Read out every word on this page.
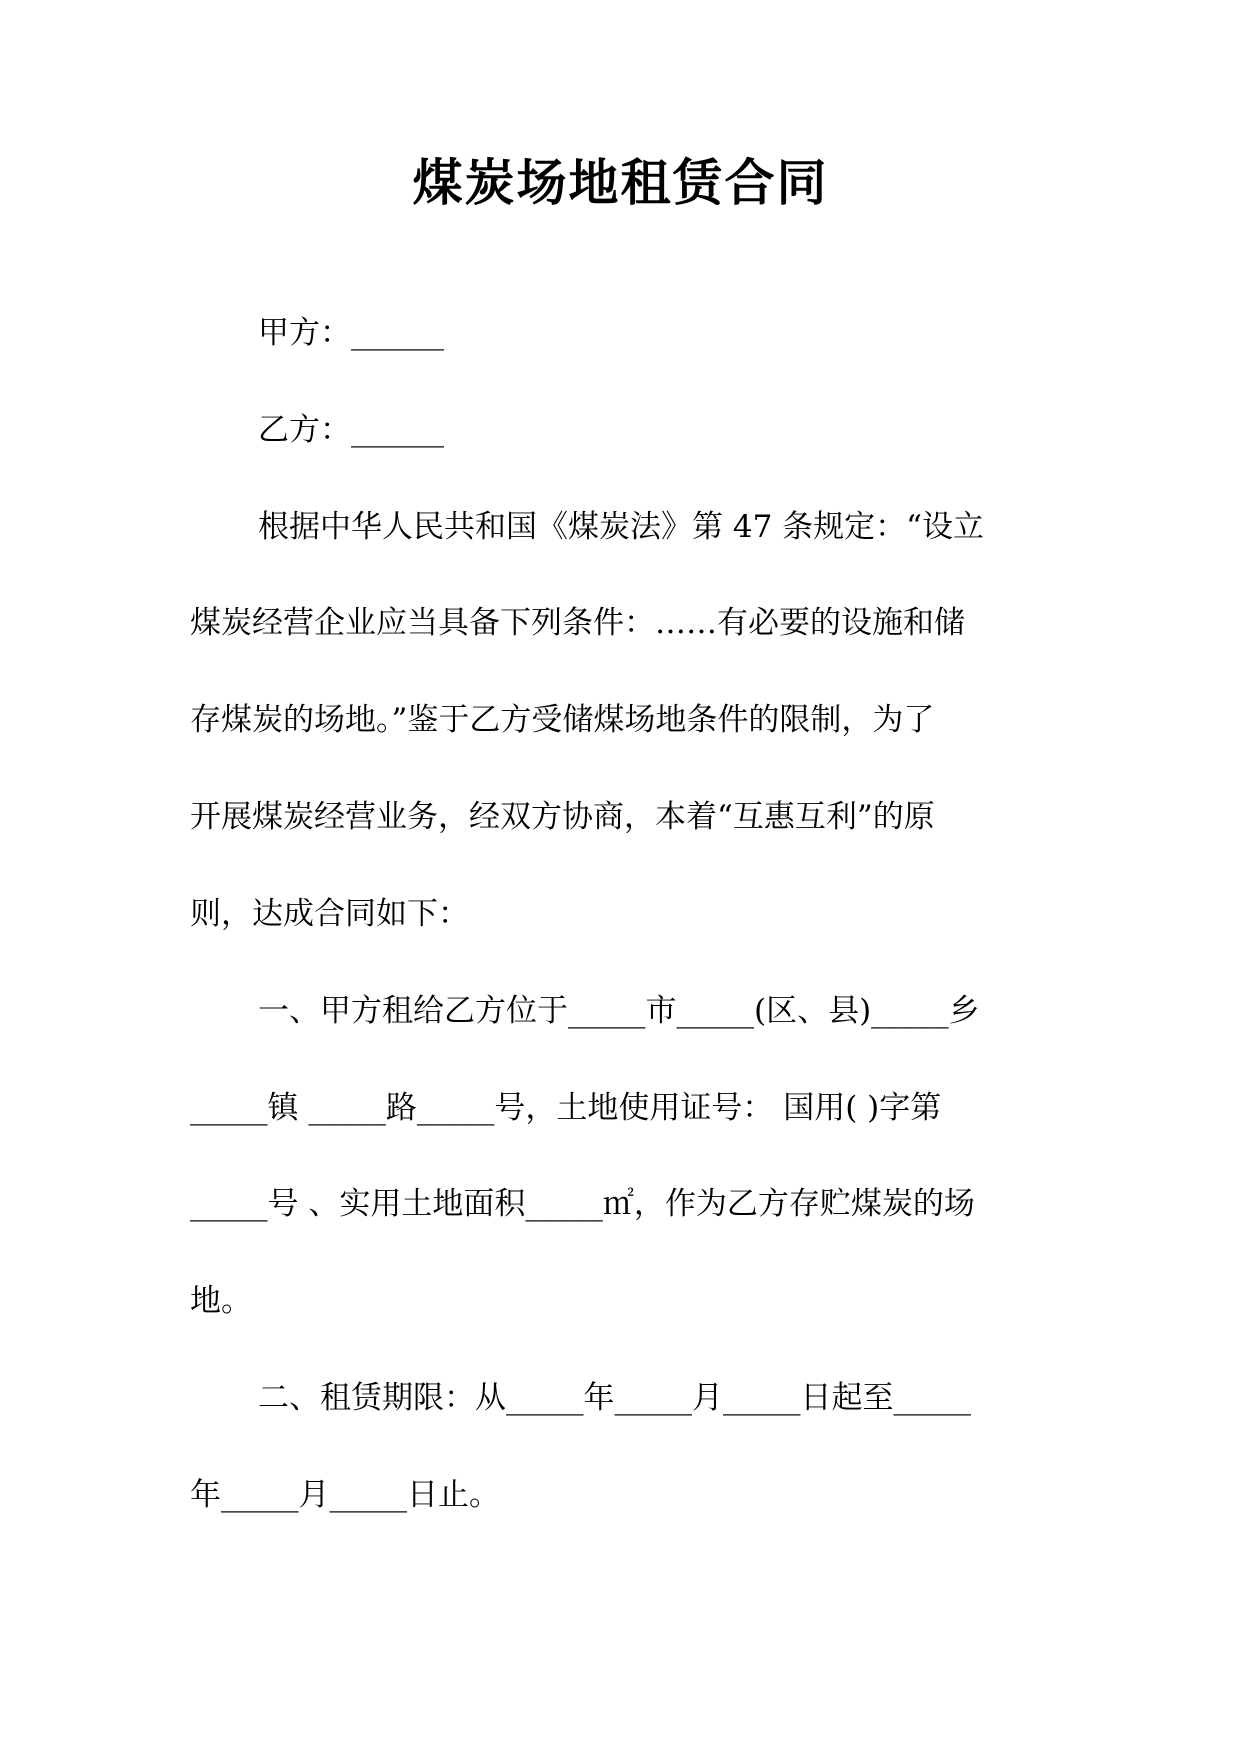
煤炭场地租赁合同
甲方：______
乙方：______
根据中华人民共和国《煤炭法》第 47 条规定：“设立
煤炭经营企业应当具备下列条件：……有必要的设施和储
存煤炭的场地。”鉴于乙方受储煤场地条件的限制，为了
开展煤炭经营业务，经双方协商，本着“互惠互利”的原
则，达成合同如下：
一、甲方租给乙方位于_____市_____(区、县)_____乡
_____镇 _____路_____号，土地使用证号： 国用( )字第
_____号 、实用土地面积_____㎡，作为乙方存贮煤炭的场
地。
二、租赁期限：从_____年_____月_____日起至_____
年_____月_____日止。
